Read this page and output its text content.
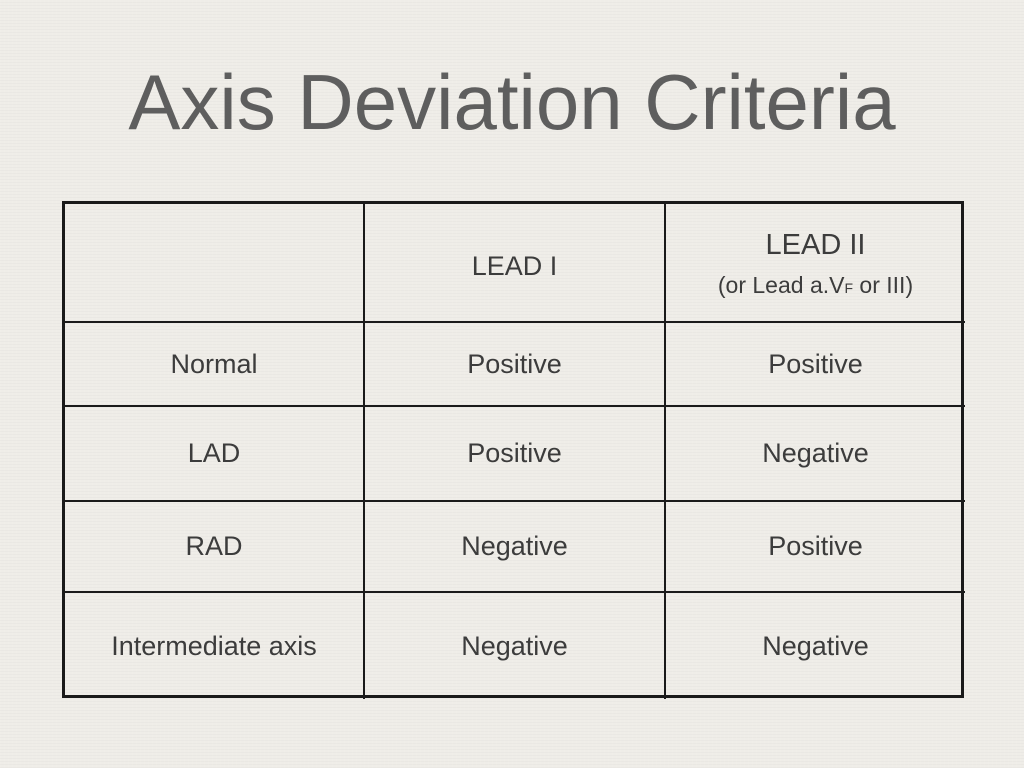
Axis Deviation Criteria

	LEAD I	LEAD II
(or Lead a.VF or III)

Normal	Positive	Positive
LAD	Positive	Negative
RAD	Negative	Positive
Intermediate axis	Negative	Negative
